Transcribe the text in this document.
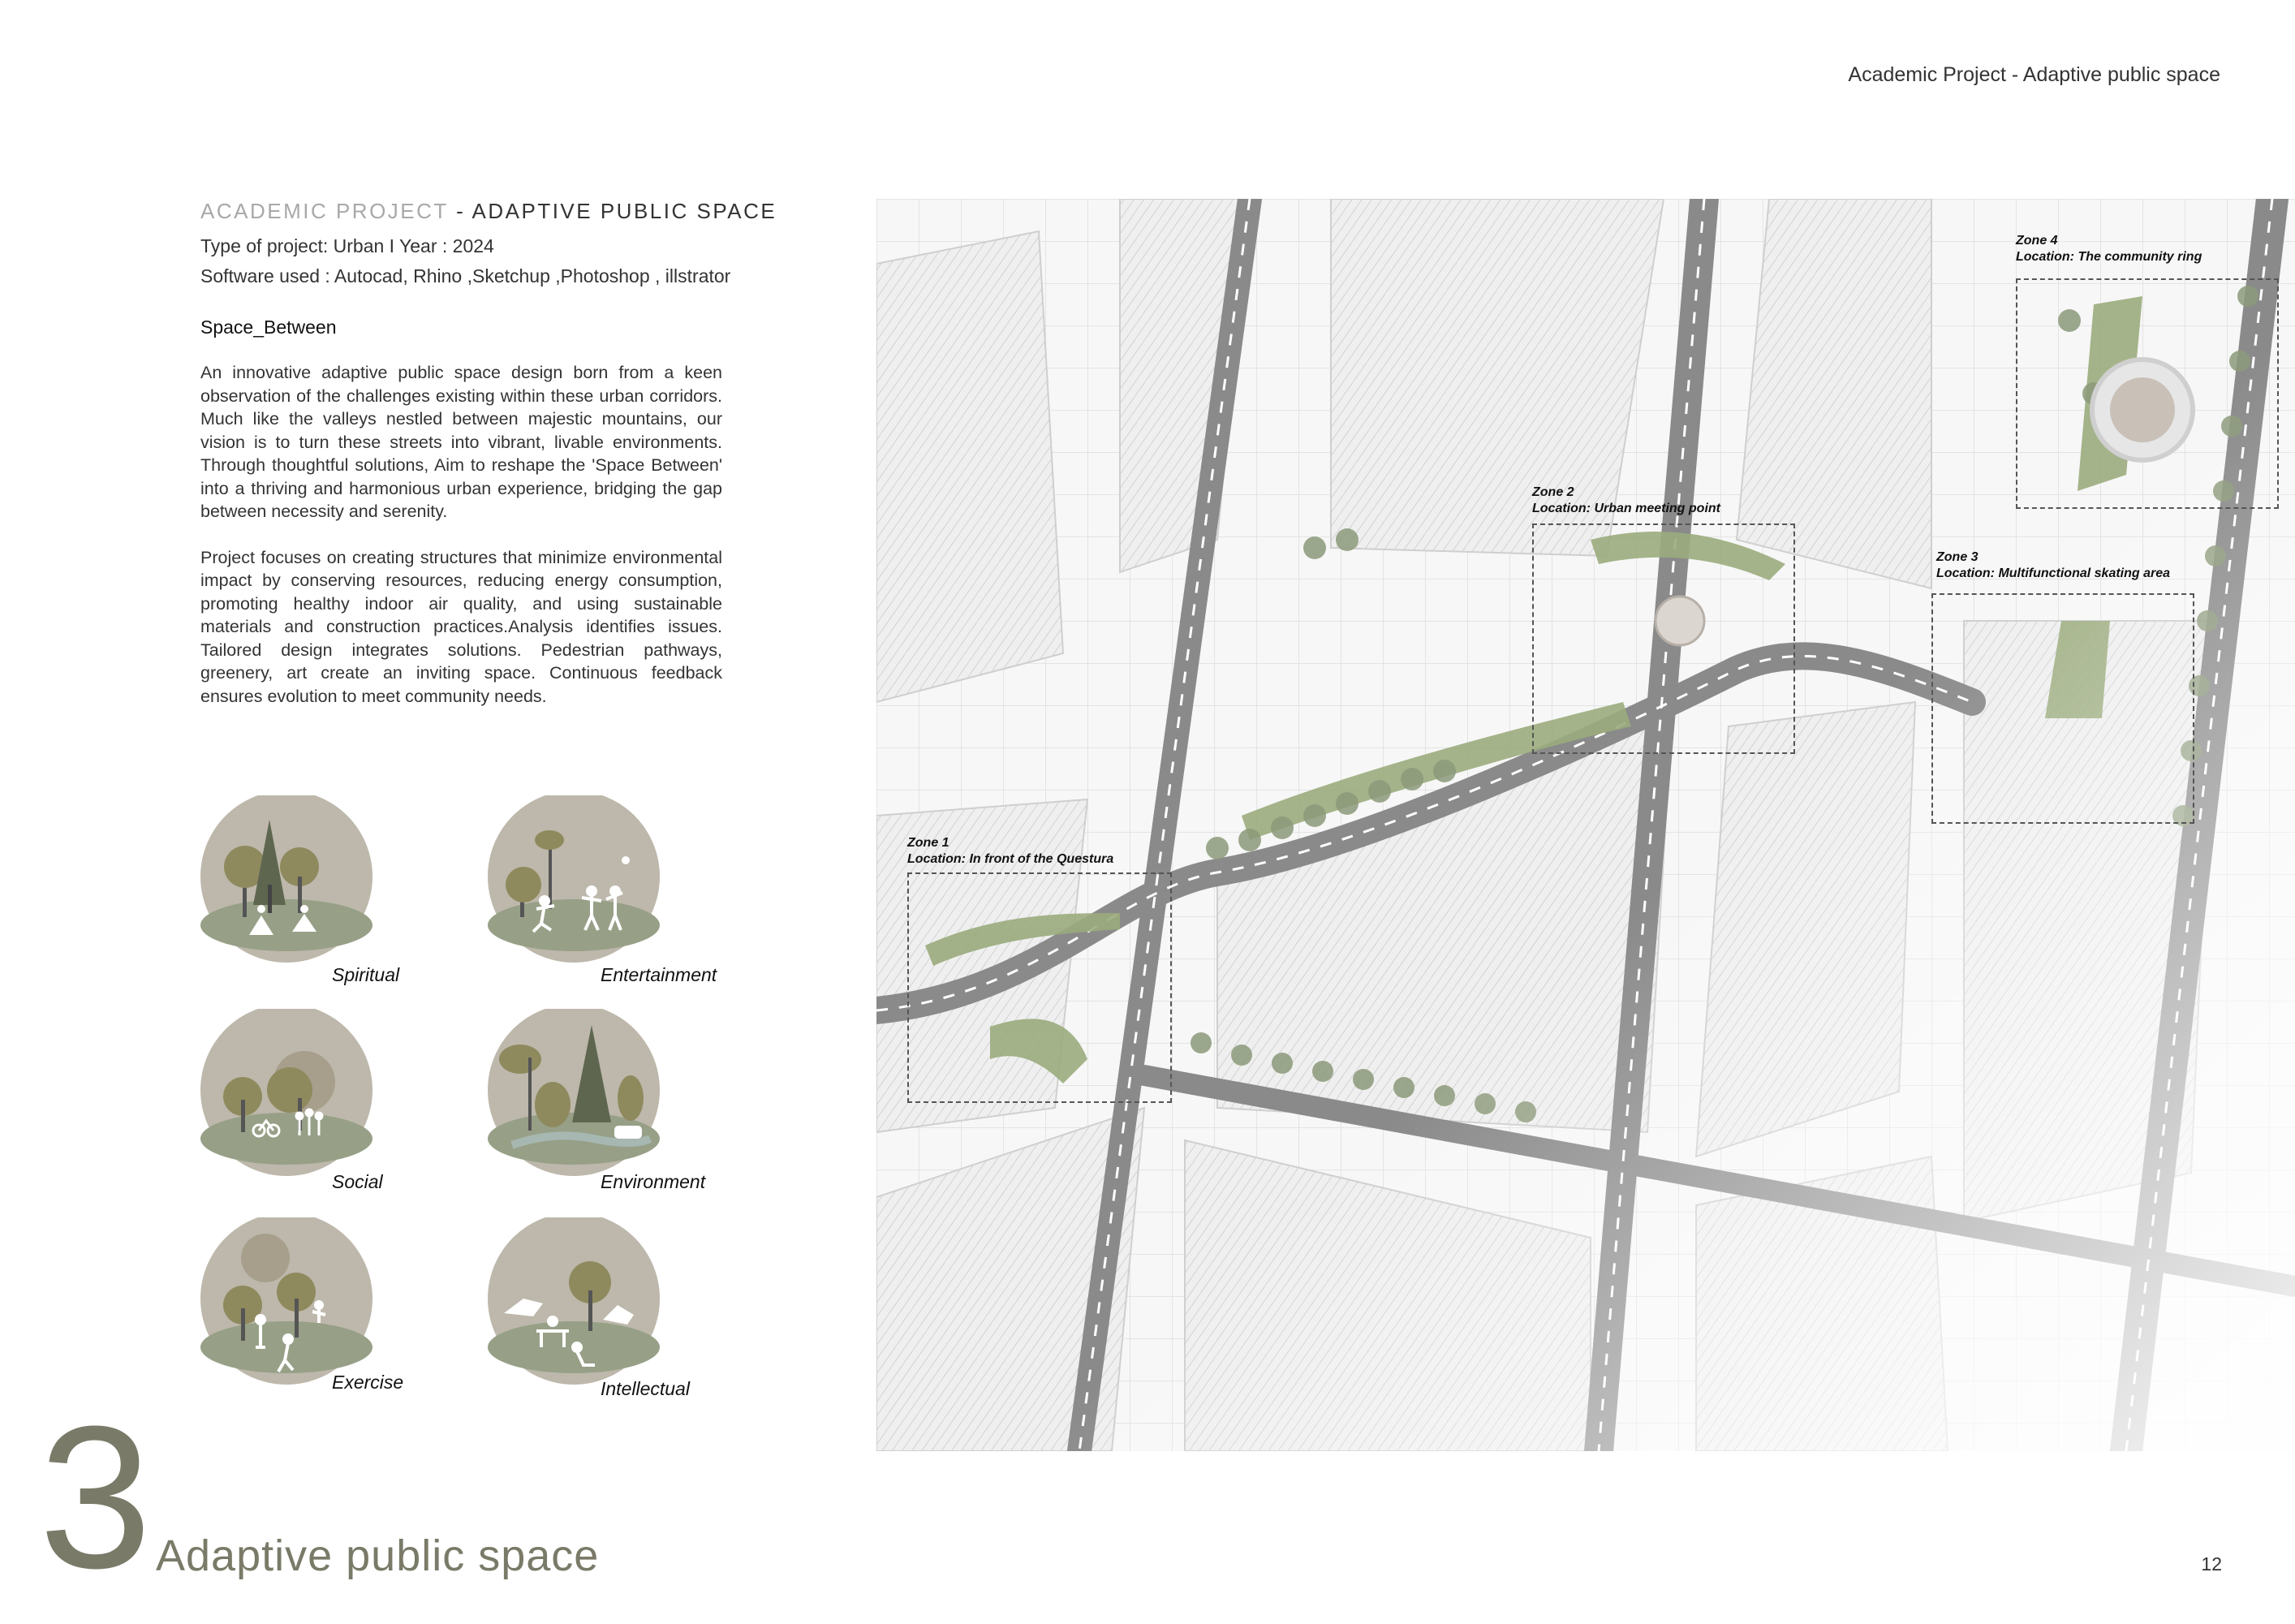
Academic Project - Adaptive public space
ACADEMIC PROJECT - ADAPTIVE PUBLIC SPACE
Type of project: Urban I Year : 2024
Software used : Autocad, Rhino ,Sketchup ,Photoshop , illstrator
Space_Between

An innovative adaptive public space design born from a keen observation of the challenges existing within these urban corridors. Much like the valleys nestled between majestic mountains, our vision is to turn these streets into vibrant, livable environments. Through thoughtful solutions, Aim to reshape the 'Space Between' into a thriving and harmonious urban experience, bridging the gap between necessity and serenity.

Project focuses on creating structures that minimize environmental impact by conserving resources, reducing energy consumption, promoting healthy indoor air quality, and using sustainable materials and construction practices.Analysis identifies issues. Tailored design integrates solutions. Pedestrian pathways, greenery, art create an inviting space. Continuous feedback ensures evolution to meet community needs.

Spiritual	Entertainment
Social	Environment
Exercise	Intellectual
3 Adaptive public space	12
Zone 1
Location: In front of the Questura
Zone 2
Location: Urban meeting point
Zone 3
Location: Multifunctional skating area
Zone 4
Location: The community ring
